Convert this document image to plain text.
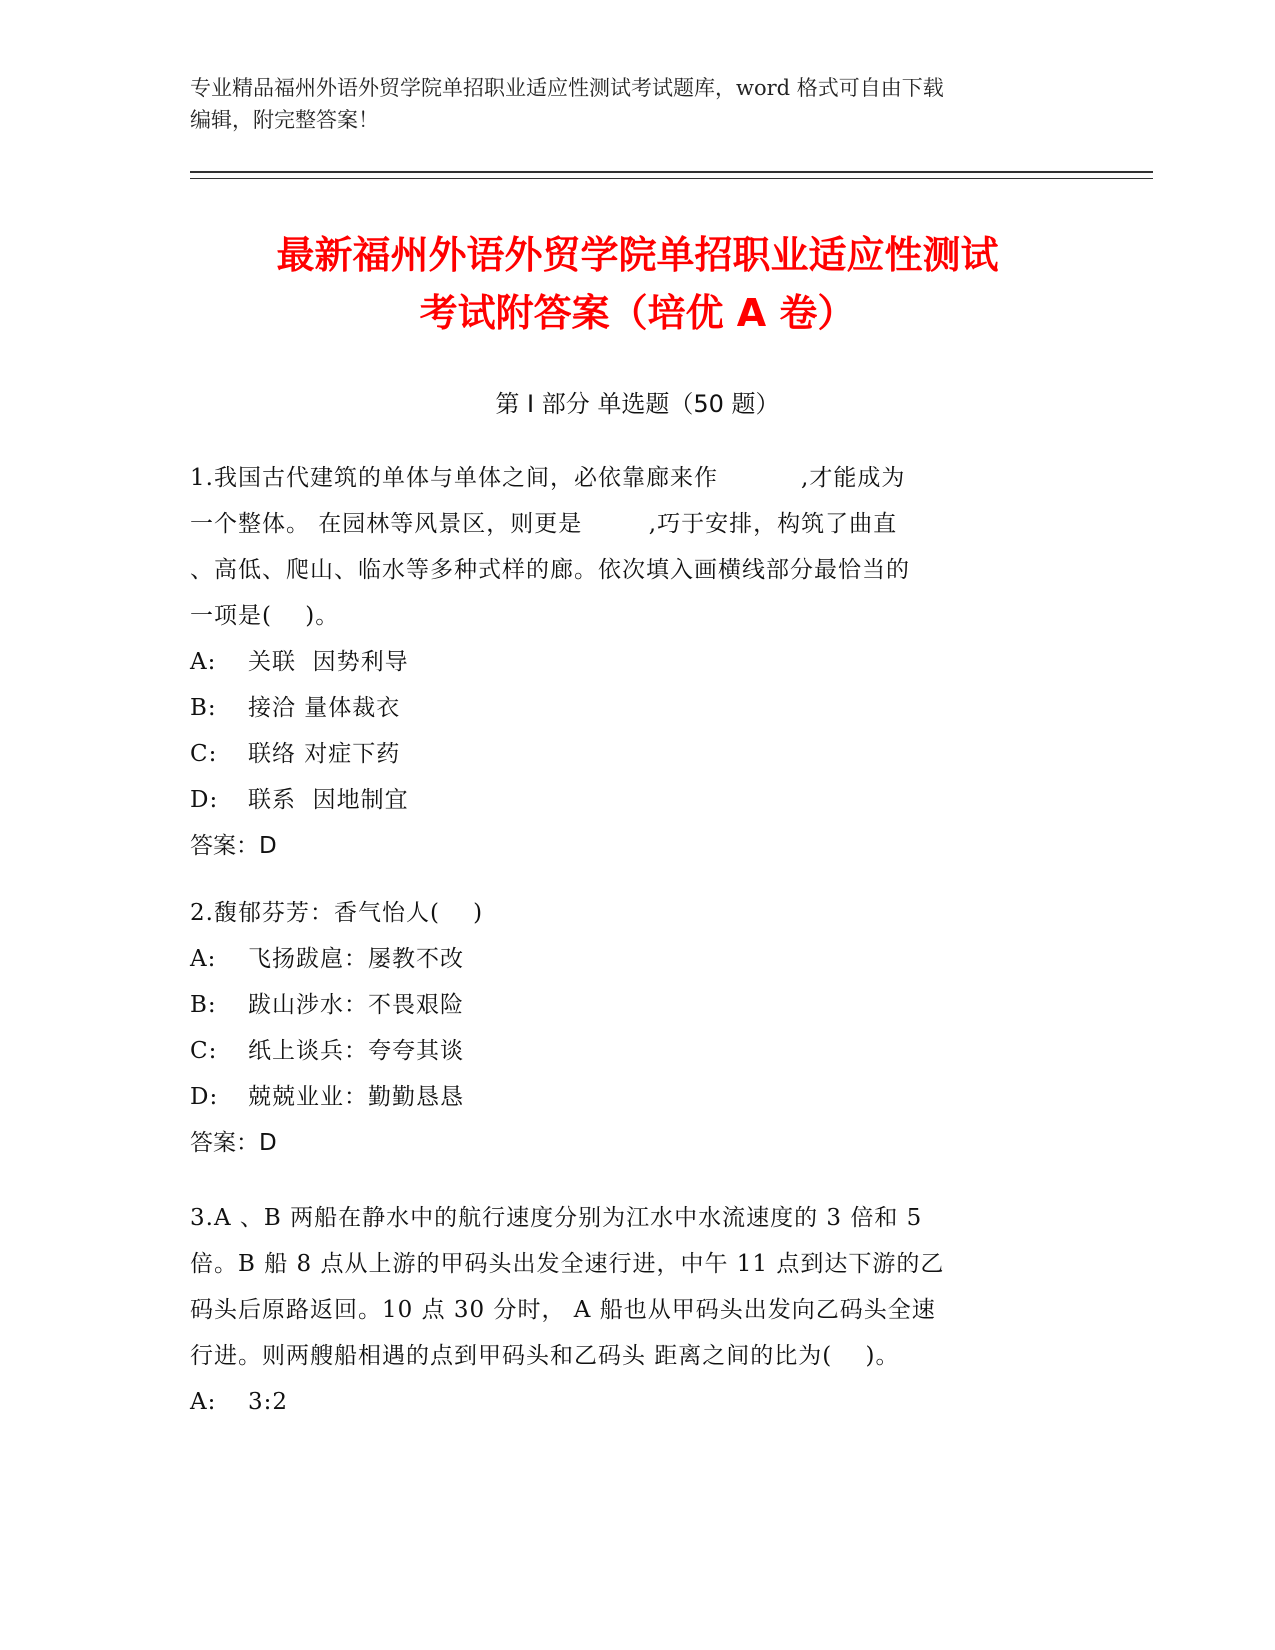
专业精品福州外语外贸学院单招职业适应性测试考试题库，word 格式可自由下载
编辑，附完整答案！
最新福州外语外贸学院单招职业适应性测试
考试附答案（培优 A 卷）
第 I 部分 单选题（50 题）
1.我国古代建筑的单体与单体之间，必依靠廊来作          ,才能成为
一个整体。 在园林等风景区，则更是        ,巧于安排，构筑了曲直
、高低、爬山、临水等多种式样的廊。依次填入画横线部分最恰当的
一项是(    )。
A: 关联  因势利导
B: 接洽 量体裁衣
C: 联络 对症下药
D: 联系  因地制宜
答案：D
2.馥郁芬芳：香气怡人(    )
A: 飞扬跋扈：屡教不改
B: 跋山涉水：不畏艰险
C: 纸上谈兵：夸夸其谈
D: 兢兢业业：勤勤恳恳
答案：D
3.A 、B 两船在静水中的航行速度分别为江水中水流速度的 3 倍和 5
倍。B 船 8 点从上游的甲码头出发全速行进，中午 11 点到达下游的乙
码头后原路返回。10 点 30 分时， A 船也从甲码头出发向乙码头全速
行进。则两艘船相遇的点到甲码头和乙码头 距离之间的比为(    )。
A: 3:2
